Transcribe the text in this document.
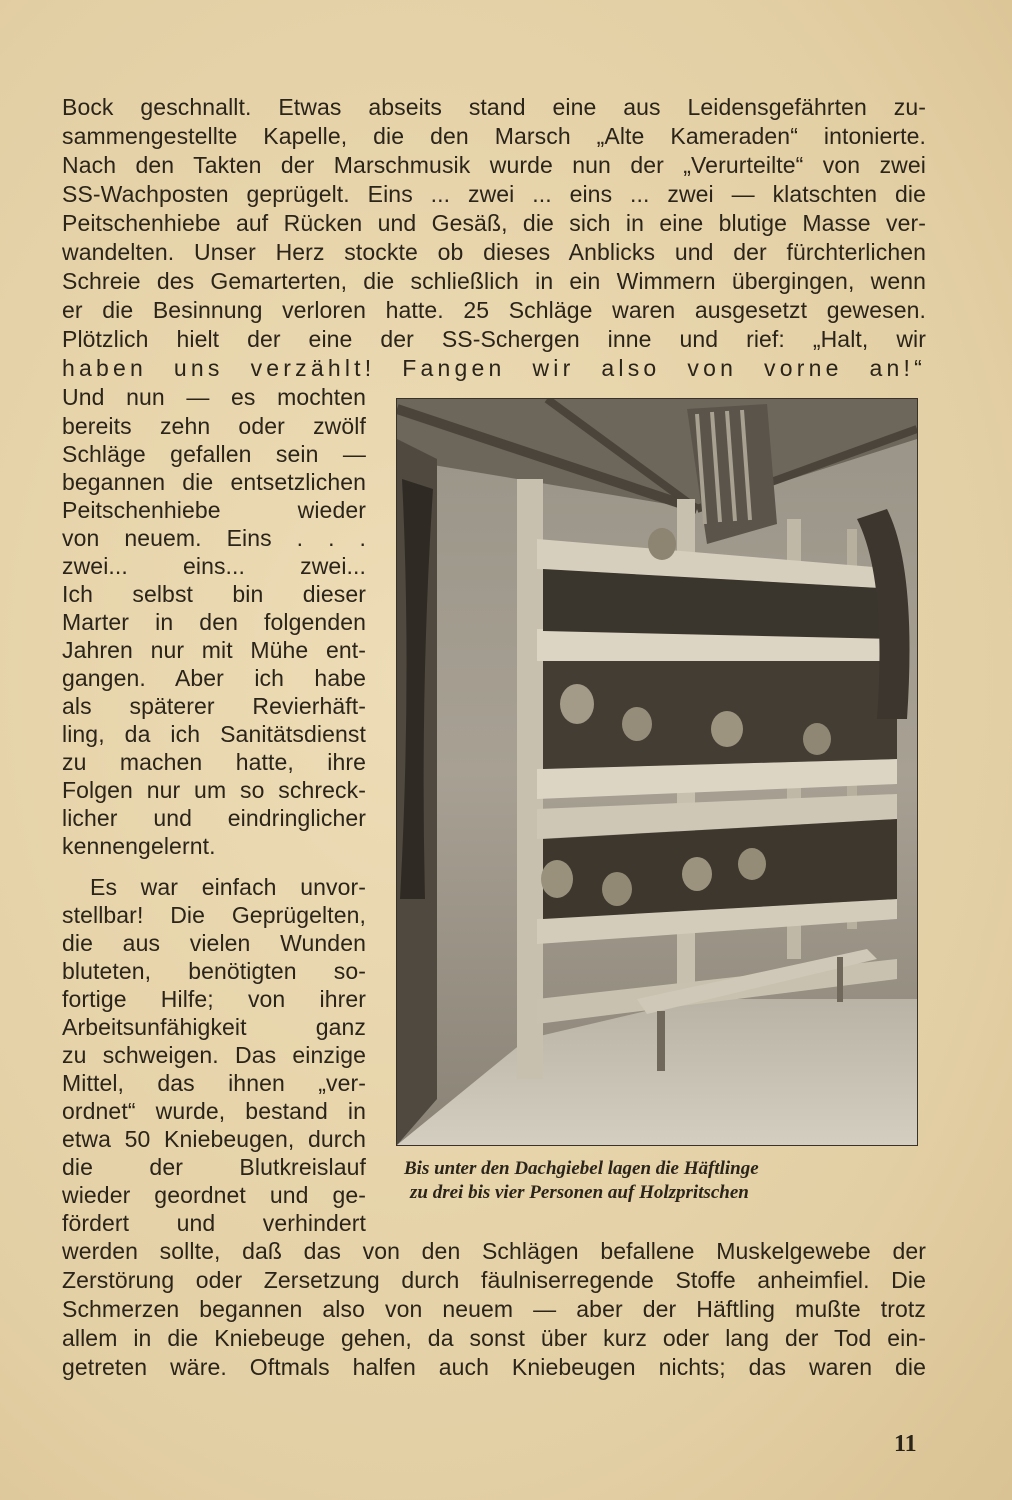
Bock geschnallt. Etwas abseits stand eine aus Leidensgefährten zu-
sammengestellte Kapelle, die den Marsch „Alte Kameraden“ intonierte.
Nach den Takten der Marschmusik wurde nun der „Verurteilte“ von zwei
SS-Wachposten geprügelt. Eins ... zwei ... eins ... zwei — klatschten die
Peitschenhiebe auf Rücken und Gesäß, die sich in eine blutige Masse ver-
wandelten. Unser Herz stockte ob dieses Anblicks und der fürchterlichen
Schreie des Gemarterten, die schließlich in ein Wimmern übergingen, wenn
er die Besinnung verloren hatte. 25 Schläge waren ausgesetzt gewesen.
Plötzlich hielt der eine der SS-Schergen inne und rief: „Halt, wir
haben uns verzählt! Fangen wir also von vorne an!“
Und nun — es mochten
bereits zehn oder zwölf
Schläge gefallen sein —
begannen die entsetzlichen
Peitschenhiebe wieder
von neuem. Eins . . .
zwei... eins... zwei...
Ich selbst bin dieser
Marter in den folgenden
Jahren nur mit Mühe ent-
gangen. Aber ich habe
als späterer Revierhäft-
ling, da ich Sanitätsdienst
zu machen hatte, ihre
Folgen nur um so schreck-
licher und eindringlicher
kennengelernt.
Es war einfach unvor-
stellbar! Die Geprügelten,
die aus vielen Wunden
bluteten, benötigten so-
fortige Hilfe; von ihrer
Arbeitsunfähigkeit ganz
zu schweigen. Das einzige
Mittel, das ihnen „ver-
ordnet“ wurde, bestand in
etwa 50 Kniebeugen, durch
die der Blutkreislauf
wieder geordnet und ge-
fördert und verhindert
Bis unter den Dachgiebel lagen die Häftlinge
zu drei bis vier Personen auf Holzpritschen
werden sollte, daß das von den Schlägen befallene Muskelgewebe der
Zerstörung oder Zersetzung durch fäulniserregende Stoffe anheimfiel. Die
Schmerzen begannen also von neuem — aber der Häftling mußte trotz
allem in die Kniebeuge gehen, da sonst über kurz oder lang der Tod ein-
getreten wäre. Oftmals halfen auch Kniebeugen nichts; das waren die
11
